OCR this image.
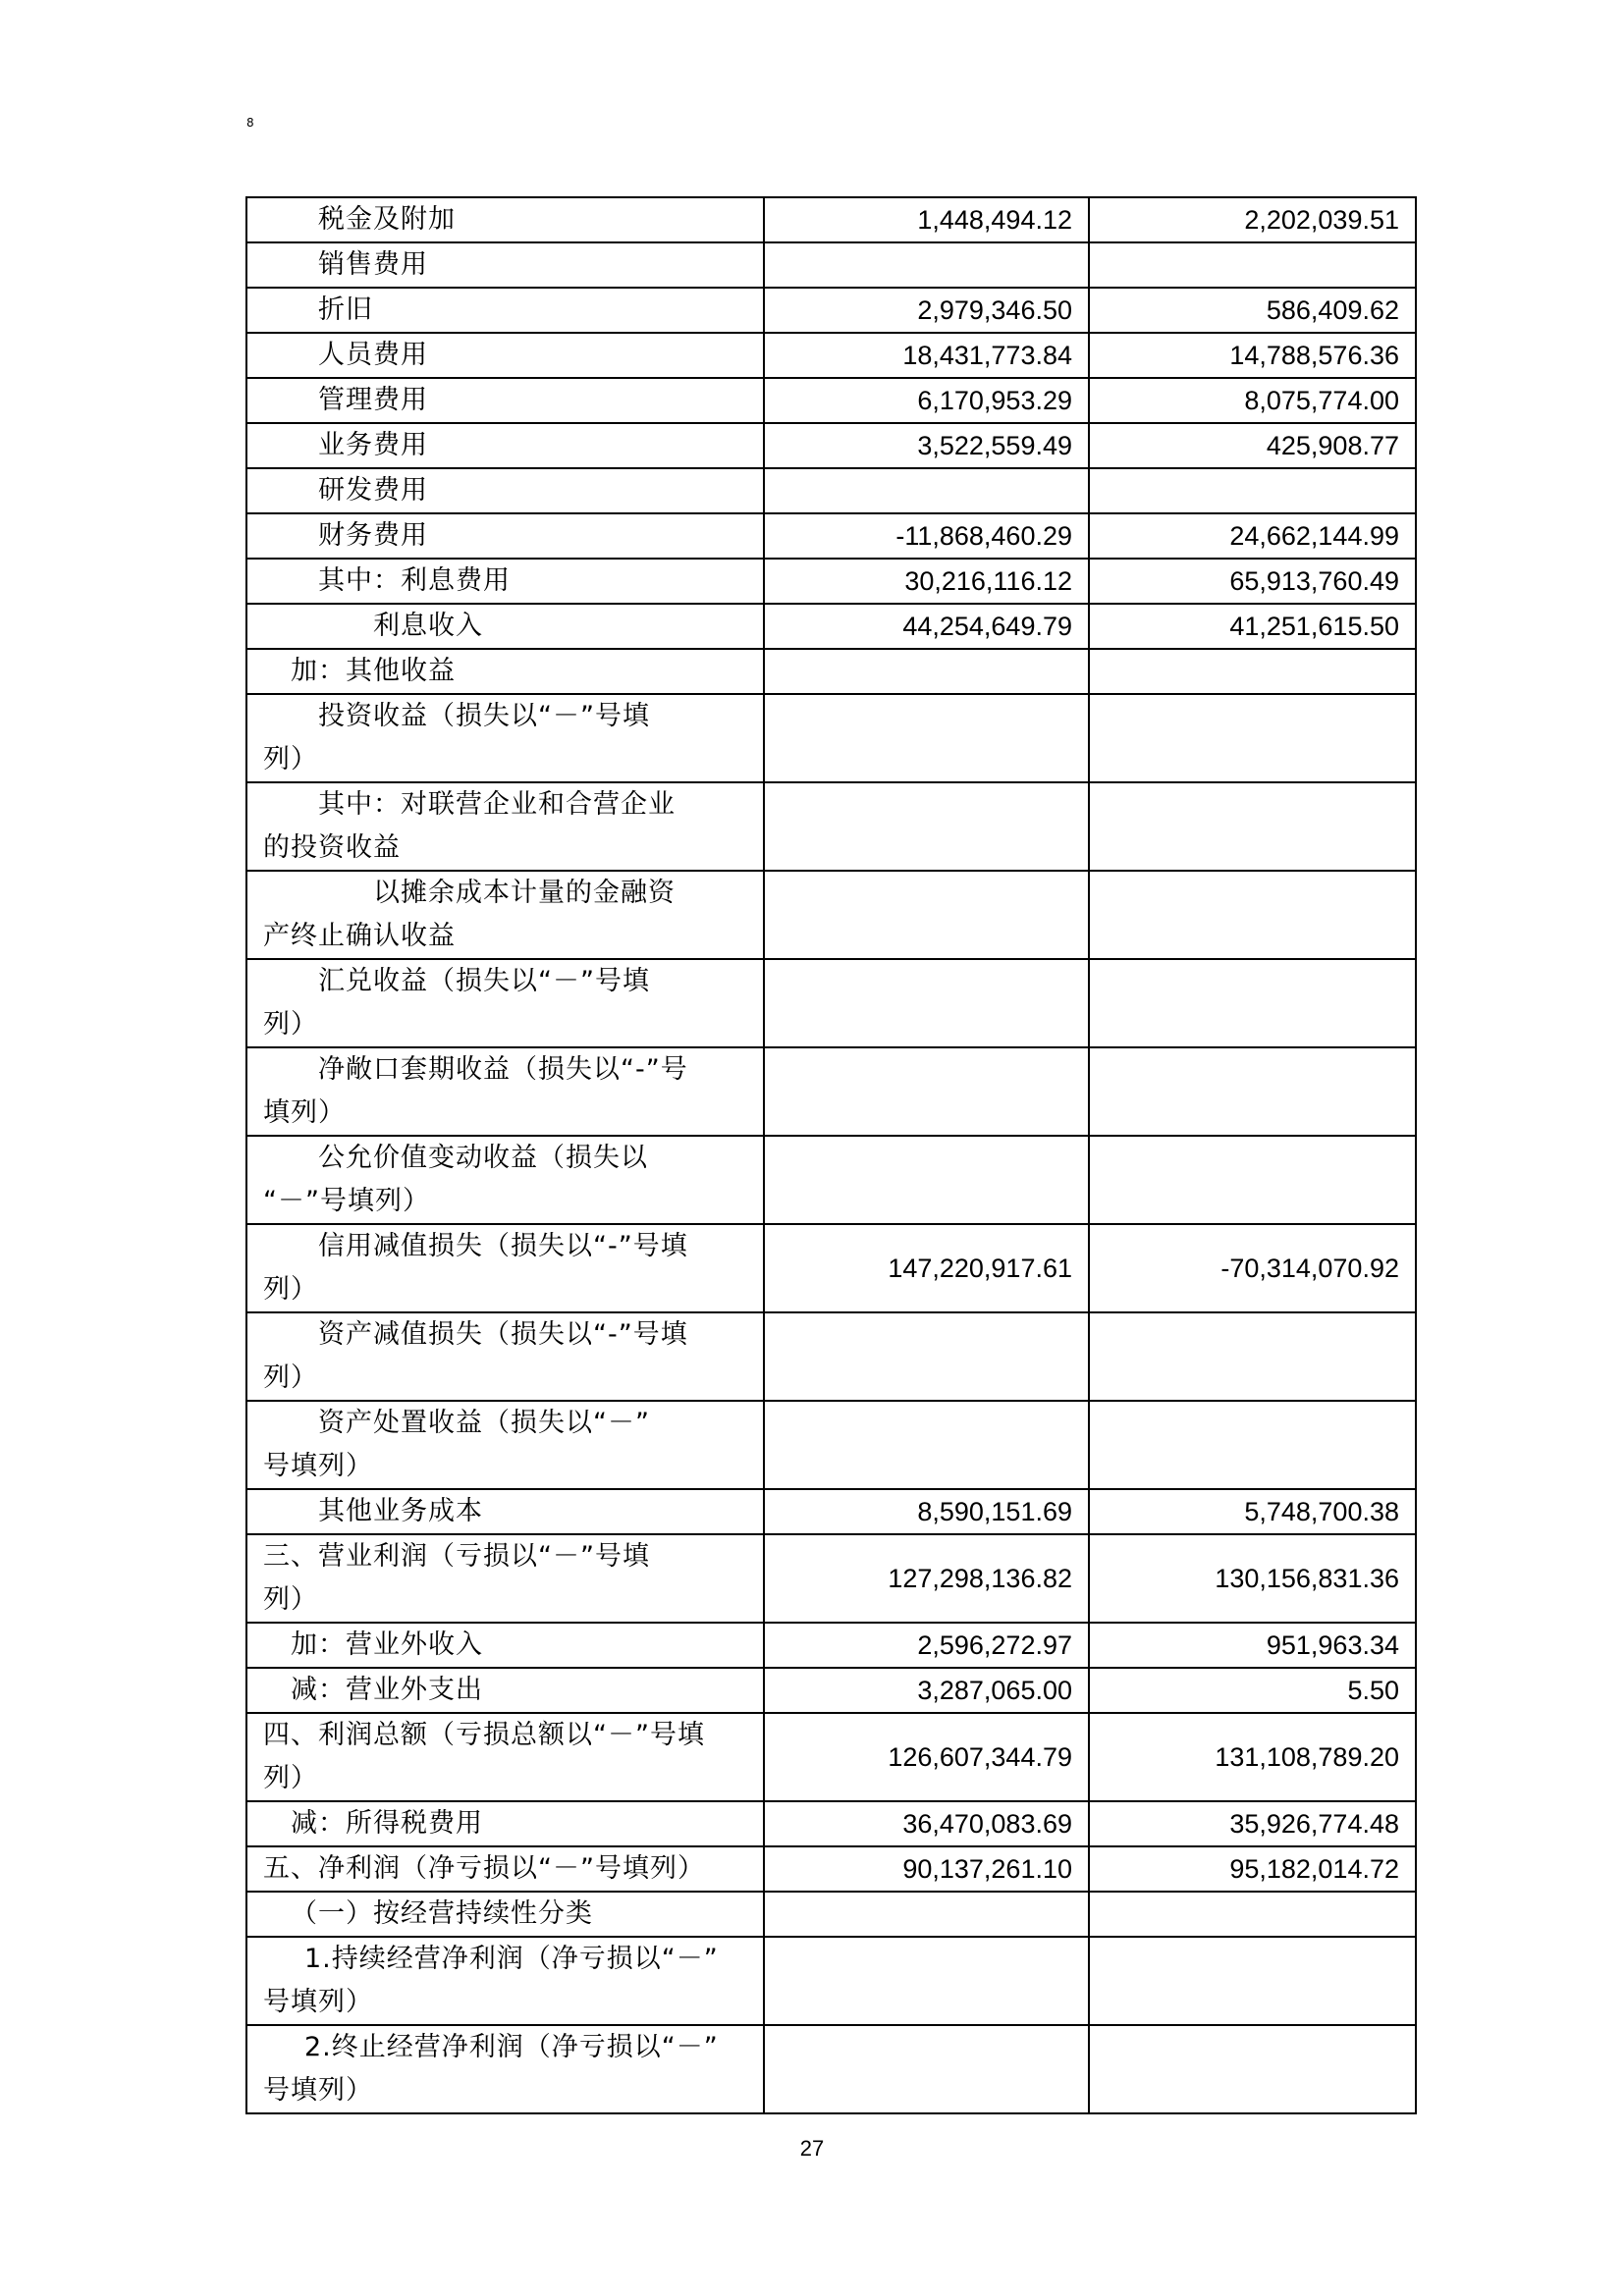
8
税金及附加	1,448,494.12	2,202,039.51

销售费用		

折旧	2,979,346.50	586,409.62

人员费用	18,431,773.84	14,788,576.36

管理费用	6,170,953.29	8,075,774.00

业务费用	3,522,559.49	425,908.77

研发费用		

财务费用	-11,868,460.29	24,662,144.99

其中：利息费用	30,216,116.12	65,913,760.49

利息收入	44,254,649.79	41,251,615.50

加：其他收益		

投资收益（损失以“－”号填
列）		

其中：对联营企业和合营企业
的投资收益		

以摊余成本计量的金融资
产终止确认收益		

汇兑收益（损失以“－”号填
列）		

净敞口套期收益（损失以“-”号
填列）		

公允价值变动收益（损失以
“－”号填列）		

信用减值损失（损失以“-”号填
列）	147,220,917.61	-70,314,070.92

资产减值损失（损失以“-”号填
列）		

资产处置收益（损失以“－”
号填列）		

其他业务成本	8,590,151.69	5,748,700.38

三、营业利润（亏损以“－”号填
列）	127,298,136.82	130,156,831.36

加：营业外收入	2,596,272.97	951,963.34

减：营业外支出	3,287,065.00	5.50

四、利润总额（亏损总额以“－”号填
列）	126,607,344.79	131,108,789.20

减：所得税费用	36,470,083.69	35,926,774.48

五、净利润（净亏损以“－”号填列）	90,137,261.10	95,182,014.72

（一）按经营持续性分类		

1.持续经营净利润（净亏损以“－”
号填列）		

2.终止经营净利润（净亏损以“－”
号填列）		

27
